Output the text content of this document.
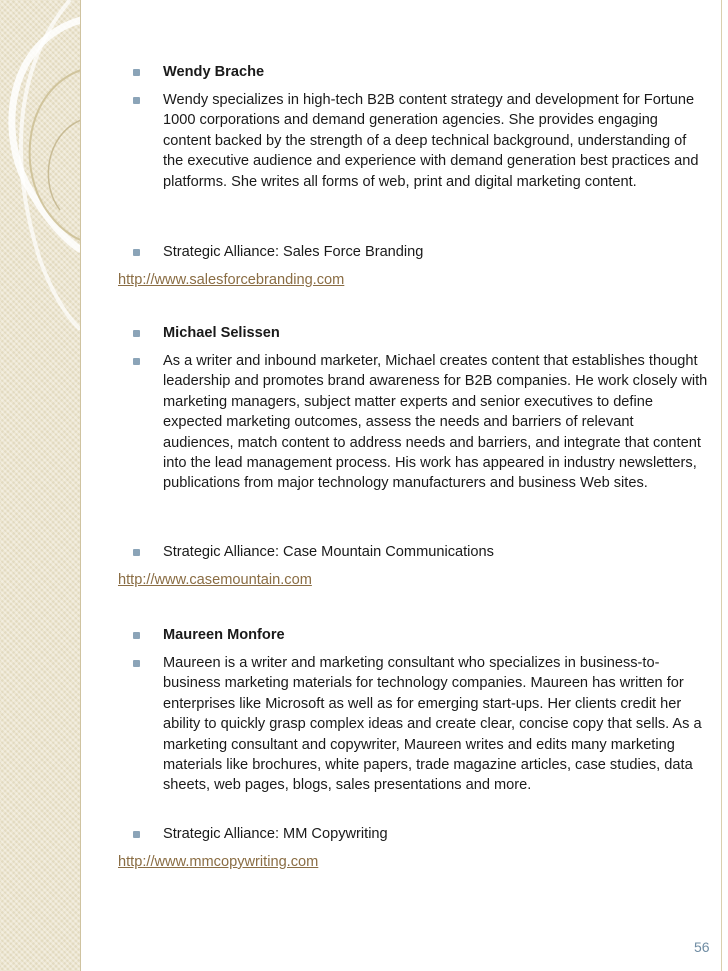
Wendy Brache

Wendy specializes in high-tech B2B content strategy and development for Fortune 1000 corporations and demand generation agencies. She provides engaging content backed by the strength of a deep technical background, understanding of the executive audience and experience with demand generation best practices and platforms. She writes all forms of web, print and digital marketing content.

Strategic Alliance: Sales Force Branding

http://www.salesforcebranding.com

Michael Selissen

As a writer and inbound marketer, Michael creates content that establishes thought leadership and promotes brand awareness for B2B companies. He work closely with marketing managers, subject matter experts and senior executives to define expected marketing outcomes, assess the needs and barriers of relevant audiences, match content to address needs and barriers, and integrate that content into the lead management process. His work has appeared in industry newsletters, publications from major technology manufacturers and business Web sites.

Strategic Alliance: Case Mountain Communications

http://www.casemountain.com

Maureen Monfore

Maureen is a writer and marketing consultant who specializes in business-to-business marketing materials for technology companies. Maureen has written for enterprises like Microsoft as well as for emerging start-ups. Her clients credit her ability to quickly grasp complex ideas and create clear, concise copy that sells. As a marketing consultant and copywriter, Maureen writes and edits many marketing materials like brochures, white papers, trade magazine articles, case studies, data sheets, web pages, blogs, sales presentations and more.

Strategic Alliance: MM Copywriting

http://www.mmcopywriting.com
56
